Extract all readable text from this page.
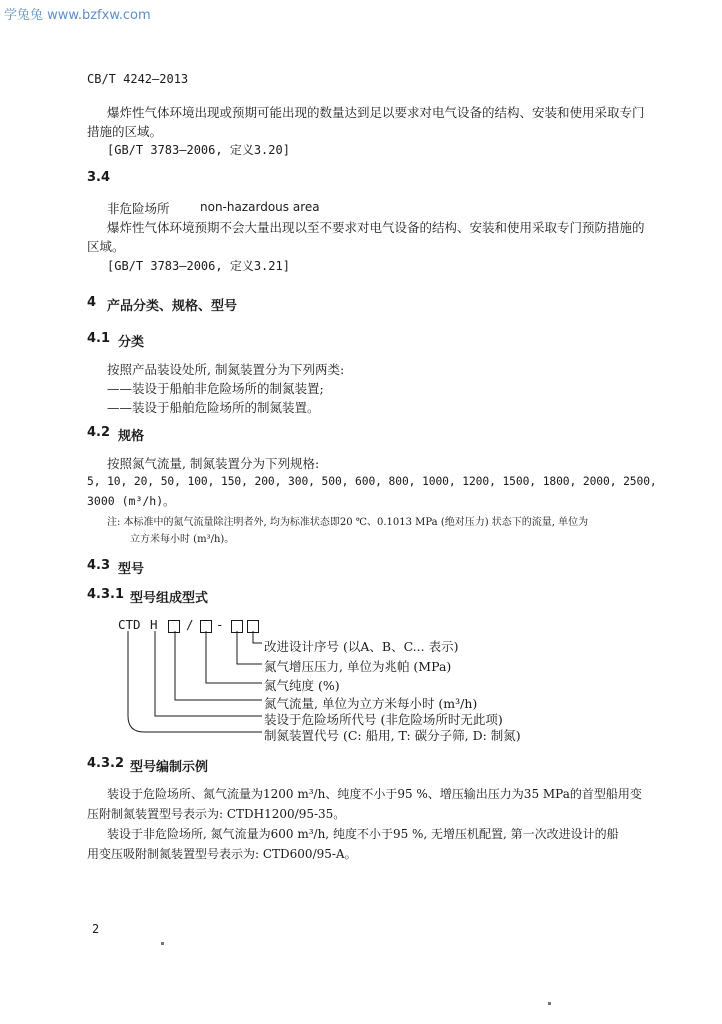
学兔兔 www.bzfxw.com
CB/T 4242—2013
爆炸性气体环境出现或预期可能出现的数量达到足以要求对电气设备的结构、安装和使用采取专门
措施的区域。
[GB/T 3783—2006, 定义3.20]
3.4
非危险场所	non-hazardous area
爆炸性气体环境预期不会大量出现以至不要求对电气设备的结构、安装和使用采取专门预防措施的
区域。
[GB/T 3783—2006, 定义3.21]
4 产品分类、规格、型号
4.1 分类
按照产品装设处所, 制氮装置分为下列两类:
——装设于船舶非危险场所的制氮装置;
——装设于船舶危险场所的制氮装置。
4.2 规格
按照氮气流量, 制氮装置分为下列规格:
5, 10, 20, 50, 100, 150, 200, 300, 500, 600, 800, 1000, 1200, 1500, 1800, 2000, 2500,
3000 (m³/h)。
注: 本标准中的氮气流量除注明者外, 均为标准状态即20 ℃、0.1013 MPa (绝对压力) 状态下的流量, 单位为
立方米每小时 (m³/h)。
4.3 型号
4.3.1 型号组成型式
CTD H / -
改进设计序号 (以A、B、C... 表示)
氮气增压压力, 单位为兆帕 (MPa)
氮气纯度 (%)
氮气流量, 单位为立方米每小时 (m³/h)
装设于危险场所代号 (非危险场所时无此项)
制氮装置代号 (C: 船用, T: 碳分子筛, D: 制氮)
4.3.2 型号编制示例
装设于危险场所、氮气流量为1200 m³/h、纯度不小于95 %、增压输出压力为35 MPa的首型船用变
压附制氮装置型号表示为: CTDH1200/95-35。
装设于非危险场所, 氮气流量为600 m³/h, 纯度不小于95 %, 无增压机配置, 第一次改进设计的船
用变压吸附制氮装置型号表示为: CTD600/95-A。
2
